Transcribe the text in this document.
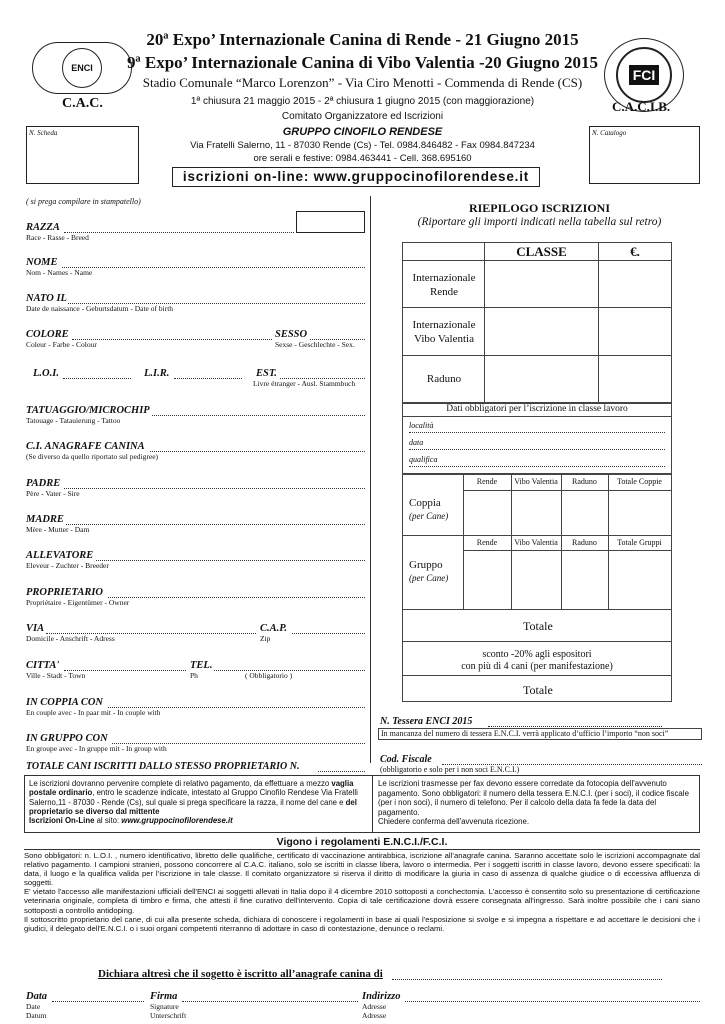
ENCI	FCI
20ª Expo’ Internazionale Canina di Rende - 21 Giugno 2015
9ª Expo’ Internazionale Canina di Vibo Valentia -20 Giugno 2015
Stadio Comunale “Marco Lorenzon” - Via Ciro Menotti - Commenda di Rende (CS)
C.A.C.	C.A.C.I.B.
1ª chiusura 21 maggio 2015 - 2ª chiusura 1 giugno 2015 (con maggiorazione)
Comitato Organizzatore ed Iscrizioni
GRUPPO CINOFILO RENDESE
Via Fratelli Salerno, 11 - 87030 Rende (Cs) - Tel. 0984.846482 - Fax 0984.847234
ore serali e festive: 0984.463441 - Cell. 368.695160
N. Scheda	N. Catalogo
iscrizioni on-line: www.gruppocinofilorendese.it
( si prega compilare in stampatello)
RAZZA
Race - Rasse - Breed
NOME
Nom - Names - Name
NATO IL
Date de naissance - Geburtsdatum - Date of birth
COLORE
Coleur - Farbe - Colour
SESSO
Sexse - Geschlechte - Sex.
L.O.I.	L.I.R.	EST.
Livre étranger - Ausl. Stammbuch
TATUAGGIO/MICROCHIP
Tatouage - Tatauierung - Tattoo
C.I. ANAGRAFE CANINA
(Se diverso da quello riportato sul pedigree)
PADRE
Père - Vater - Sire
MADRE
Mère - Mutter - Dam
ALLEVATORE
Eleveur - Zuchter - Breeder
PROPRIETARIO
Propriétaire - Eigentümer - Owner
VIA
Domicile - Anschrift - Adress
C.A.P.
Zip
CITTA'
Ville - Stadt - Town
TEL.
Ph	( Obbligatorio )
IN COPPIA CON
En couple avec - In paar mit - In couple with
IN GRUPPO CON
En groupe avec - In gruppe mit - In group with
TOTALE CANI ISCRITTI DALLO STESSO PROPRIETARIO N.
RIEPILOGO ISCRIZIONI
(Riportare gli importi indicati nella tabella sul retro)
CLASSE	€.
Internazionale Rende
Internazionale Vibo Valentia
Raduno
Dati obbligatori per l’iscrizione in classe lavoro
località
data
qualifica
Rende	Vibo Valentia	Raduno	Totale Coppie
Coppia
(per Cane)
Rende	Vibo Valentia	Raduno	Totale Gruppi
Gruppo
(per Cane)
Totale
sconto -20% agli espositori
con più di 4 cani (per manifestazione)
Totale
N. Tessera ENCI 2015
In mancanza del numero di tessera E.N.C.I. verrà applicato d’ufficio l’importo “non soci”
Cod. Fiscale
(obbligatorio e solo per i non soci E.N.C.I.)
Le iscrizioni dovranno pervenire complete di relativo pagamento, da effettuare a mezzo vaglia postale ordinario, entro le scadenze indicate, intestato al Gruppo Cinofilo Rendese Via Fratelli Salerno,11 - 87030 - Rende (Cs), sul quale si prega specificare la razza, il nome del cane e del proprietario se diverso dal mittente
Iscrizioni On-Line al sito: www.gruppocinofilorendese.it
Le iscrizioni trasmesse per fax devono essere corredate da fotocopia dell'avvenuto pagamento. Sono obbligatori: il numero della tessera E.N.C.I. (per i soci), il codice fiscale (per i non soci), il numero di telefono. Per il calcolo della data fa fede la data del pagamento.
Chiedere conferma dell'avvenuta ricezione.
Vigono i regolamenti E.N.C.I./F.C.I.
Sono obbligatori: n. L.O.I. , numero identificativo, libretto delle qualifiche, certificato di vaccinazione antirabbica, iscrizione all’anagrafe canina. Saranno accettate solo le iscrizioni accompagnate dal relativo pagamento. I campioni stranieri, possono concorrere al C.A.C. italiano, solo se iscritti in classe libera, lavoro o intermedia. Per i soggetti iscritti in classe lavoro, devono essere specificati: la data, il luogo e la qualifica valida per l’iscrizione in tale classe. Il comitato organizzatore si riserva il diritto di modificare la giuria in caso di assenza di qualche giudice o di eccessiva affluenza di soggetti.
E' vietato l'accesso alle manifestazioni ufficiali dell'ENCI ai soggetti allevati in Italia dopo il 4 dicembre 2010 sottoposti a conchectomia. L'accesso è consentito solo su presentazione di certificazione veterinaria originale, completa di timbro e firma, che attesti il fine curativo dell'intervento. Copia di tale certificazione dovrà essere consegnata all'ingresso. Sarà inoltre possibile che i cani siano sottoposti a controllo antidoping.
Il sottoscritto proprietario del cane, di cui alla presente scheda, dichiara di conoscere i regolamenti in base ai quali l'esposizione si svolge e si impegna a rispettare e ad accettare le decisioni che i giudici, il delegato dell'E.N.C.I. o i suoi organi competenti riterranno di adottare in caso di contestazione, denunce o reclami.
Dichiara altresì che il sogetto è iscritto all’anagrafe canina di
Data
Date
Datum
Firma
Signature
Unterschrift
Indirizzo
Adresse
Adresse
